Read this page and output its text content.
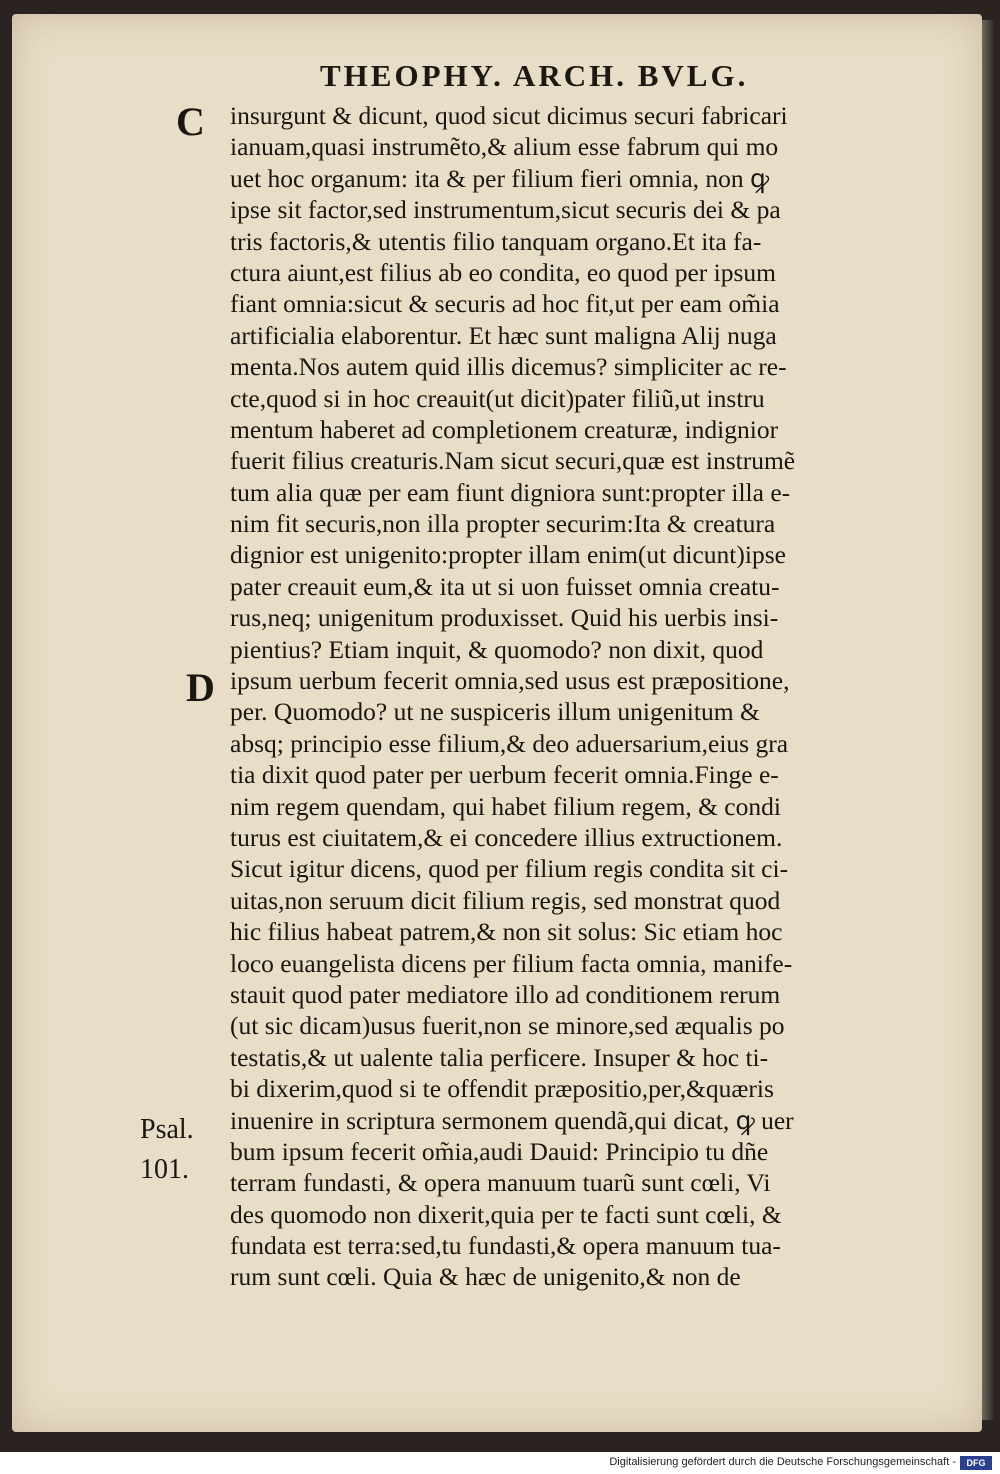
THEOPHY. ARCH. BVLG.
C
D
Psal.
101.
insurgunt & dicunt, quod sicut dicimus securi fabricari
ianuam,quasi instrumẽto,& alium esse fabrum qui mo
uet hoc organum: ita & per filium fieri omnia, non ꝙ
ipse sit factor,sed instrumentum,sicut securis dei & pa
tris factoris,& utentis filio tanquam organo.Et ita fa-
ctura aiunt,est filius ab eo condita, eo quod per ipsum
fiant omnia:sicut & securis ad hoc fit,ut per eam om̃ia
artificialia elaborentur. Et hæc sunt maligna Alij nuga
menta.Nos autem quid illis dicemus? simpliciter ac re-
cte,quod si in hoc creauit(ut dicit)pater filiũ,ut instru
mentum haberet ad completionem creaturæ, indignior
fuerit filius creaturis.Nam sicut securi,quæ est instrumẽ
tum alia quæ per eam fiunt digniora sunt:propter illa e-
nim fit securis,non illa propter securim:Ita & creatura
dignior est unigenito:propter illam enim(ut dicunt)ipse
pater creauit eum,& ita ut si uon fuisset omnia creatu-
rus,neq; unigenitum produxisset. Quid his uerbis insi-
pientius? Etiam inquit, & quomodo? non dixit, quod
ipsum uerbum fecerit omnia,sed usus est præpositione,
per. Quomodo? ut ne suspiceris illum unigenitum &
absq; principio esse filium,& deo aduersarium,eius gra
tia dixit quod pater per uerbum fecerit omnia.Finge e-
nim regem quendam, qui habet filium regem, & condi
turus est ciuitatem,& ei concedere illius extructionem.
Sicut igitur dicens, quod per filium regis condita sit ci-
uitas,non seruum dicit filium regis, sed monstrat quod
hic filius habeat patrem,& non sit solus: Sic etiam hoc
loco euangelista dicens per filium facta omnia, manife-
stauit quod pater mediatore illo ad conditionem rerum
(ut sic dicam)usus fuerit,non se minore,sed æqualis po
testatis,& ut ualente talia perficere. Insuper & hoc ti-
bi dixerim,quod si te offendit præpositio,per,&quæris
inuenire in scriptura sermonem quendã,qui dicat, ꝙ uer
bum ipsum fecerit om̃ia,audi Dauid: Principio tu dñe
terram fundasti, & opera manuum tuarũ sunt cœli, Vi
des quomodo non dixerit,quia per te facti sunt cœli, &
fundata est terra:sed,tu fundasti,& opera manuum tua-
rum sunt cœli. Quia & hæc de unigenito,& non de
Digitalisierung gefördert durch die Deutsche Forschungsgemeinschaft -	DFG
